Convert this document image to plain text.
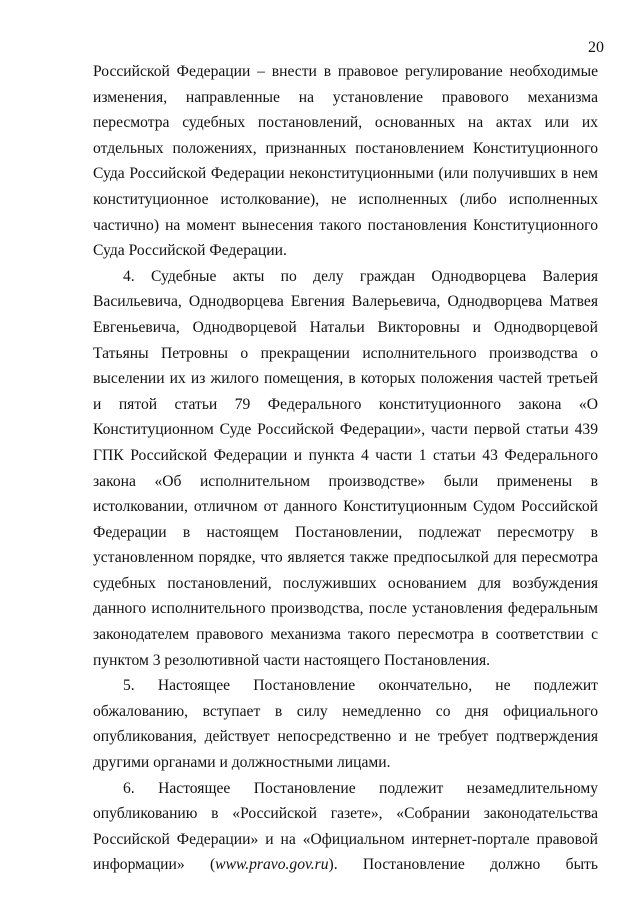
20

Российской Федерации – внести в правовое регулирование необходимые изменения, направленные на установление правового механизма пересмотра судебных постановлений, основанных на актах или их отдельных положениях, признанных постановлением Конституционного Суда Российской Федерации неконституционными (или получивших в нем конституционное истолкование), не исполненных (либо исполненных частично) на момент вынесения такого постановления Конституционного Суда Российской Федерации.

4. Судебные акты по делу граждан Однодворцева Валерия Васильевича, Однодворцева Евгения Валерьевича, Однодворцева Матвея Евгеньевича, Однодворцевой Натальи Викторовны и Однодворцевой Татьяны Петровны о прекращении исполнительного производства о выселении их из жилого помещения, в которых положения частей третьей и пятой статьи 79 Федерального конституционного закона «О Конституционном Суде Российской Федерации», части первой статьи 439 ГПК Российской Федерации и пункта 4 части 1 статьи 43 Федерального закона «Об исполнительном производстве» были применены в истолковании, отличном от данного Конституционным Судом Российской Федерации в настоящем Постановлении, подлежат пересмотру в установленном порядке, что является также предпосылкой для пересмотра судебных постановлений, послуживших основанием для возбуждения данного исполнительного производства, после установления федеральным законодателем правового механизма такого пересмотра в соответствии с пунктом 3 резолютивной части настоящего Постановления.

5. Настоящее Постановление окончательно, не подлежит обжалованию, вступает в силу немедленно со дня официального опубликования, действует непосредственно и не требует подтверждения другими органами и должностными лицами.

6. Настоящее Постановление подлежит незамедлительному опубликованию в «Российской газете», «Собрании законодательства Российской Федерации» и на «Официальном интернет-портале правовой информации» (www.pravo.gov.ru). Постановление должно быть
